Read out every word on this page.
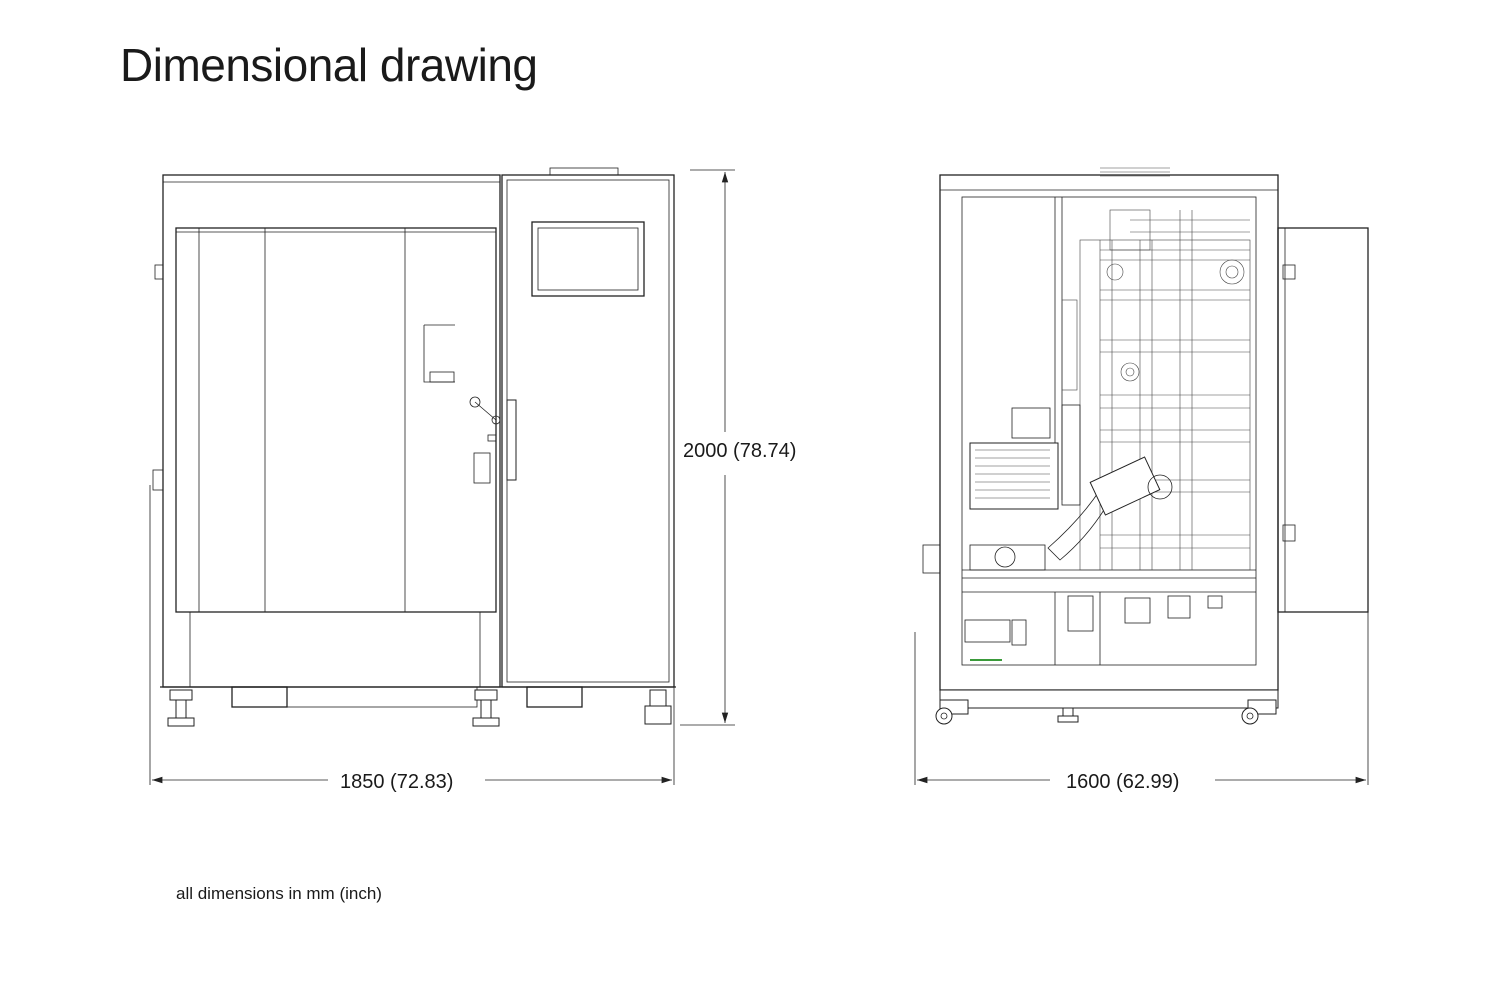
Dimensional drawing
1850 (72.83)
2000 (78.74)
1600 (62.99)
all dimensions in mm (inch)
